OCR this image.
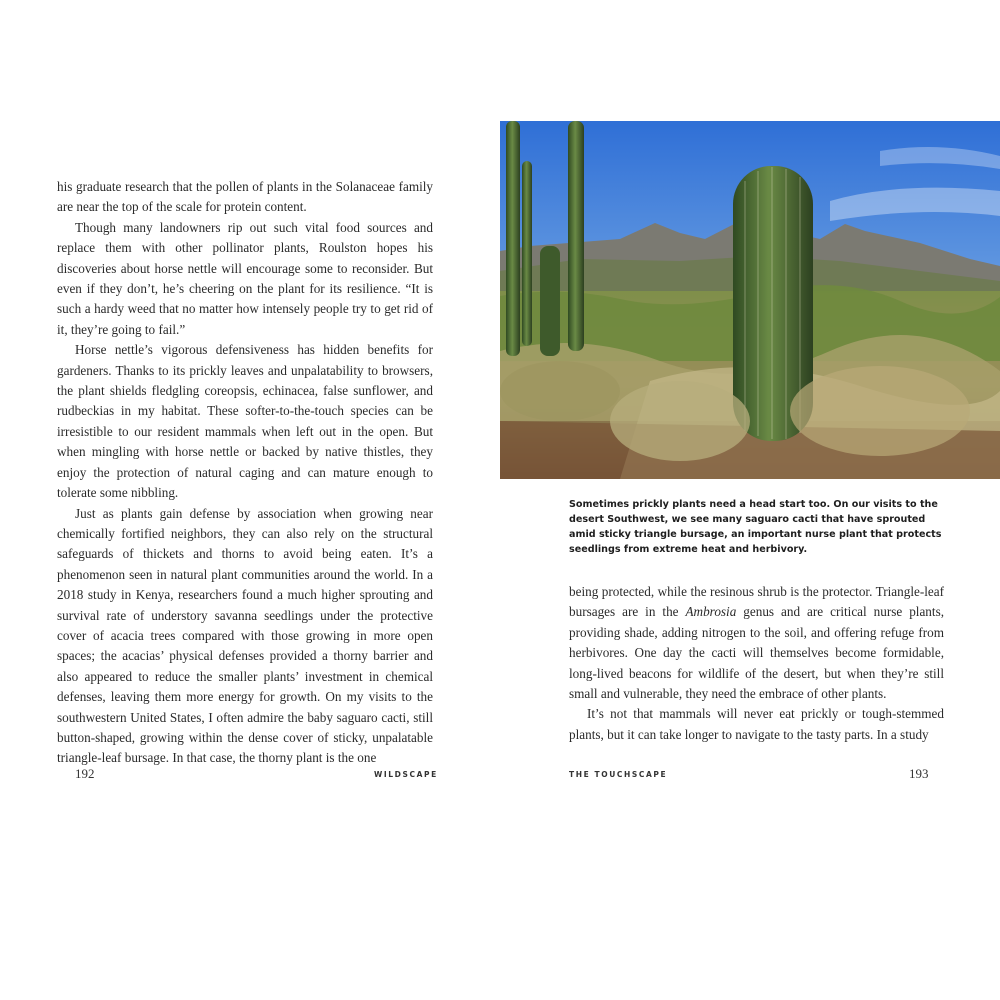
his graduate research that the pollen of plants in the Solanaceae family are near the top of the scale for protein content.

Though many landowners rip out such vital food sources and replace them with other pollinator plants, Roulston hopes his discoveries about horse nettle will encourage some to reconsider. But even if they don’t, he’s cheering on the plant for its resilience. “It is such a hardy weed that no matter how intensely people try to get rid of it, they’re going to fail.”

Horse nettle’s vigorous defensiveness has hidden benefits for gardeners. Thanks to its prickly leaves and unpalatability to browsers, the plant shields fledgling coreopsis, echinacea, false sunflower, and rudbeckias in my habitat. These softer-to-the-touch species can be irresistible to our resident mammals when left out in the open. But when mingling with horse nettle or backed by native thistles, they enjoy the protection of natural caging and can mature enough to tolerate some nibbling.

Just as plants gain defense by association when growing near chemically fortified neighbors, they can also rely on the structural safeguards of thickets and thorns to avoid being eaten. It’s a phenomenon seen in natural plant communities around the world. In a 2018 study in Kenya, researchers found a much higher sprouting and survival rate of understory savanna seedlings under the protective cover of acacia trees compared with those growing in more open spaces; the acacias’ physical defenses provided a thorny barrier and also appeared to reduce the smaller plants’ investment in chemical defenses, leaving them more energy for growth. On my visits to the southwestern United States, I often admire the baby saguaro cacti, still button-shaped, growing within the dense cover of sticky, unpalatable triangle-leaf bursage. In that case, the thorny plant is the one

192	WILDSCAPE
Sometimes prickly plants need a head start too. On our visits to the desert Southwest, we see many saguaro cacti that have sprouted amid sticky triangle bursage, an important nurse plant that protects seedlings from extreme heat and herbivory.

being protected, while the resinous shrub is the protector. Triangle-leaf bursages are in the Ambrosia genus and are critical nurse plants, providing shade, adding nitrogen to the soil, and offering refuge from herbivores. One day the cacti will themselves become formidable, long-lived beacons for wildlife of the desert, but when they’re still small and vulnerable, they need the embrace of other plants.

It’s not that mammals will never eat prickly or tough-stemmed plants, but it can take longer to navigate to the tasty parts. In a study

THE TOUCHSCAPE	193
